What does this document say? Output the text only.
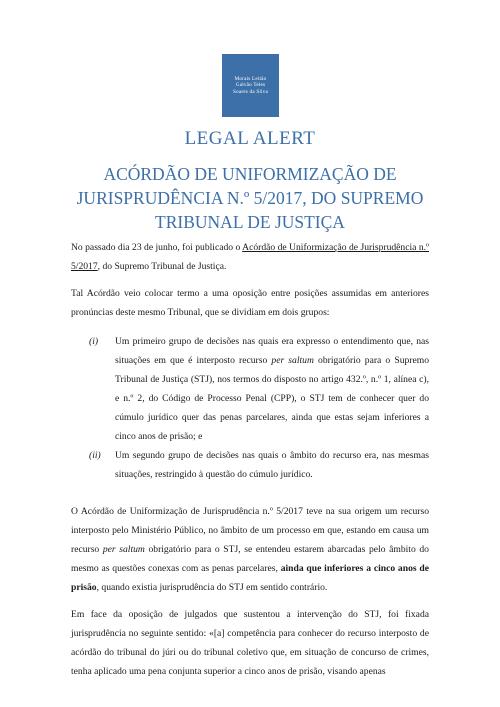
Morais Leitão
Galvão Teles
Soares da Silva
LEGAL ALERT
ACÓRDÃO DE UNIFORMIZAÇÃO DE
JURISPRUDÊNCIA N.º 5/2017, DO SUPREMO
TRIBUNAL DE JUSTIÇA

No passado dia 23 de junho, foi publicado o Acórdão de Uniformização de Jurisprudência n.º 5/2017, do Supremo Tribunal de Justiça.

Tal Acórdão veio colocar termo a uma oposição entre posições assumidas em anteriores pronúncias deste mesmo Tribunal, que se dividiam em dois grupos:

(i)	Um primeiro grupo de decisões nas quais era expresso o entendimento que, nas situações em que é interposto recurso per saltum obrigatório para o Supremo Tribunal de Justiça (STJ), nos termos do disposto no artigo 432.º, n.º 1, alínea c), e n.º 2, do Código de Processo Penal (CPP), o STJ tem de conhecer quer do cúmulo jurídico quer das penas parcelares, ainda que estas sejam inferiores a cinco anos de prisão; e
(ii)	Um segundo grupo de decisões nas quais o âmbito do recurso era, nas mesmas situações, restringido à questão do cúmulo jurídico.

O Acórdão de Uniformização de Jurisprudência n.º 5/2017 teve na sua origem um recurso interposto pelo Ministério Público, no âmbito de um processo em que, estando em causa um recurso per saltum obrigatório para o STJ, se entendeu estarem abarcadas pelo âmbito do mesmo as questões conexas com as penas parcelares, ainda que inferiores a cinco anos de prisão, quando existia jurisprudência do STJ em sentido contrário.

Em face da oposição de julgados que sustentou a intervenção do STJ, foi fixada jurisprudência no seguinte sentido: «[a] competência para conhecer do recurso interposto de acórdão do tribunal do júri ou do tribunal coletivo que, em situação de concurso de crimes, tenha aplicado uma pena conjunta superior a cinco anos de prisão, visando apenas
